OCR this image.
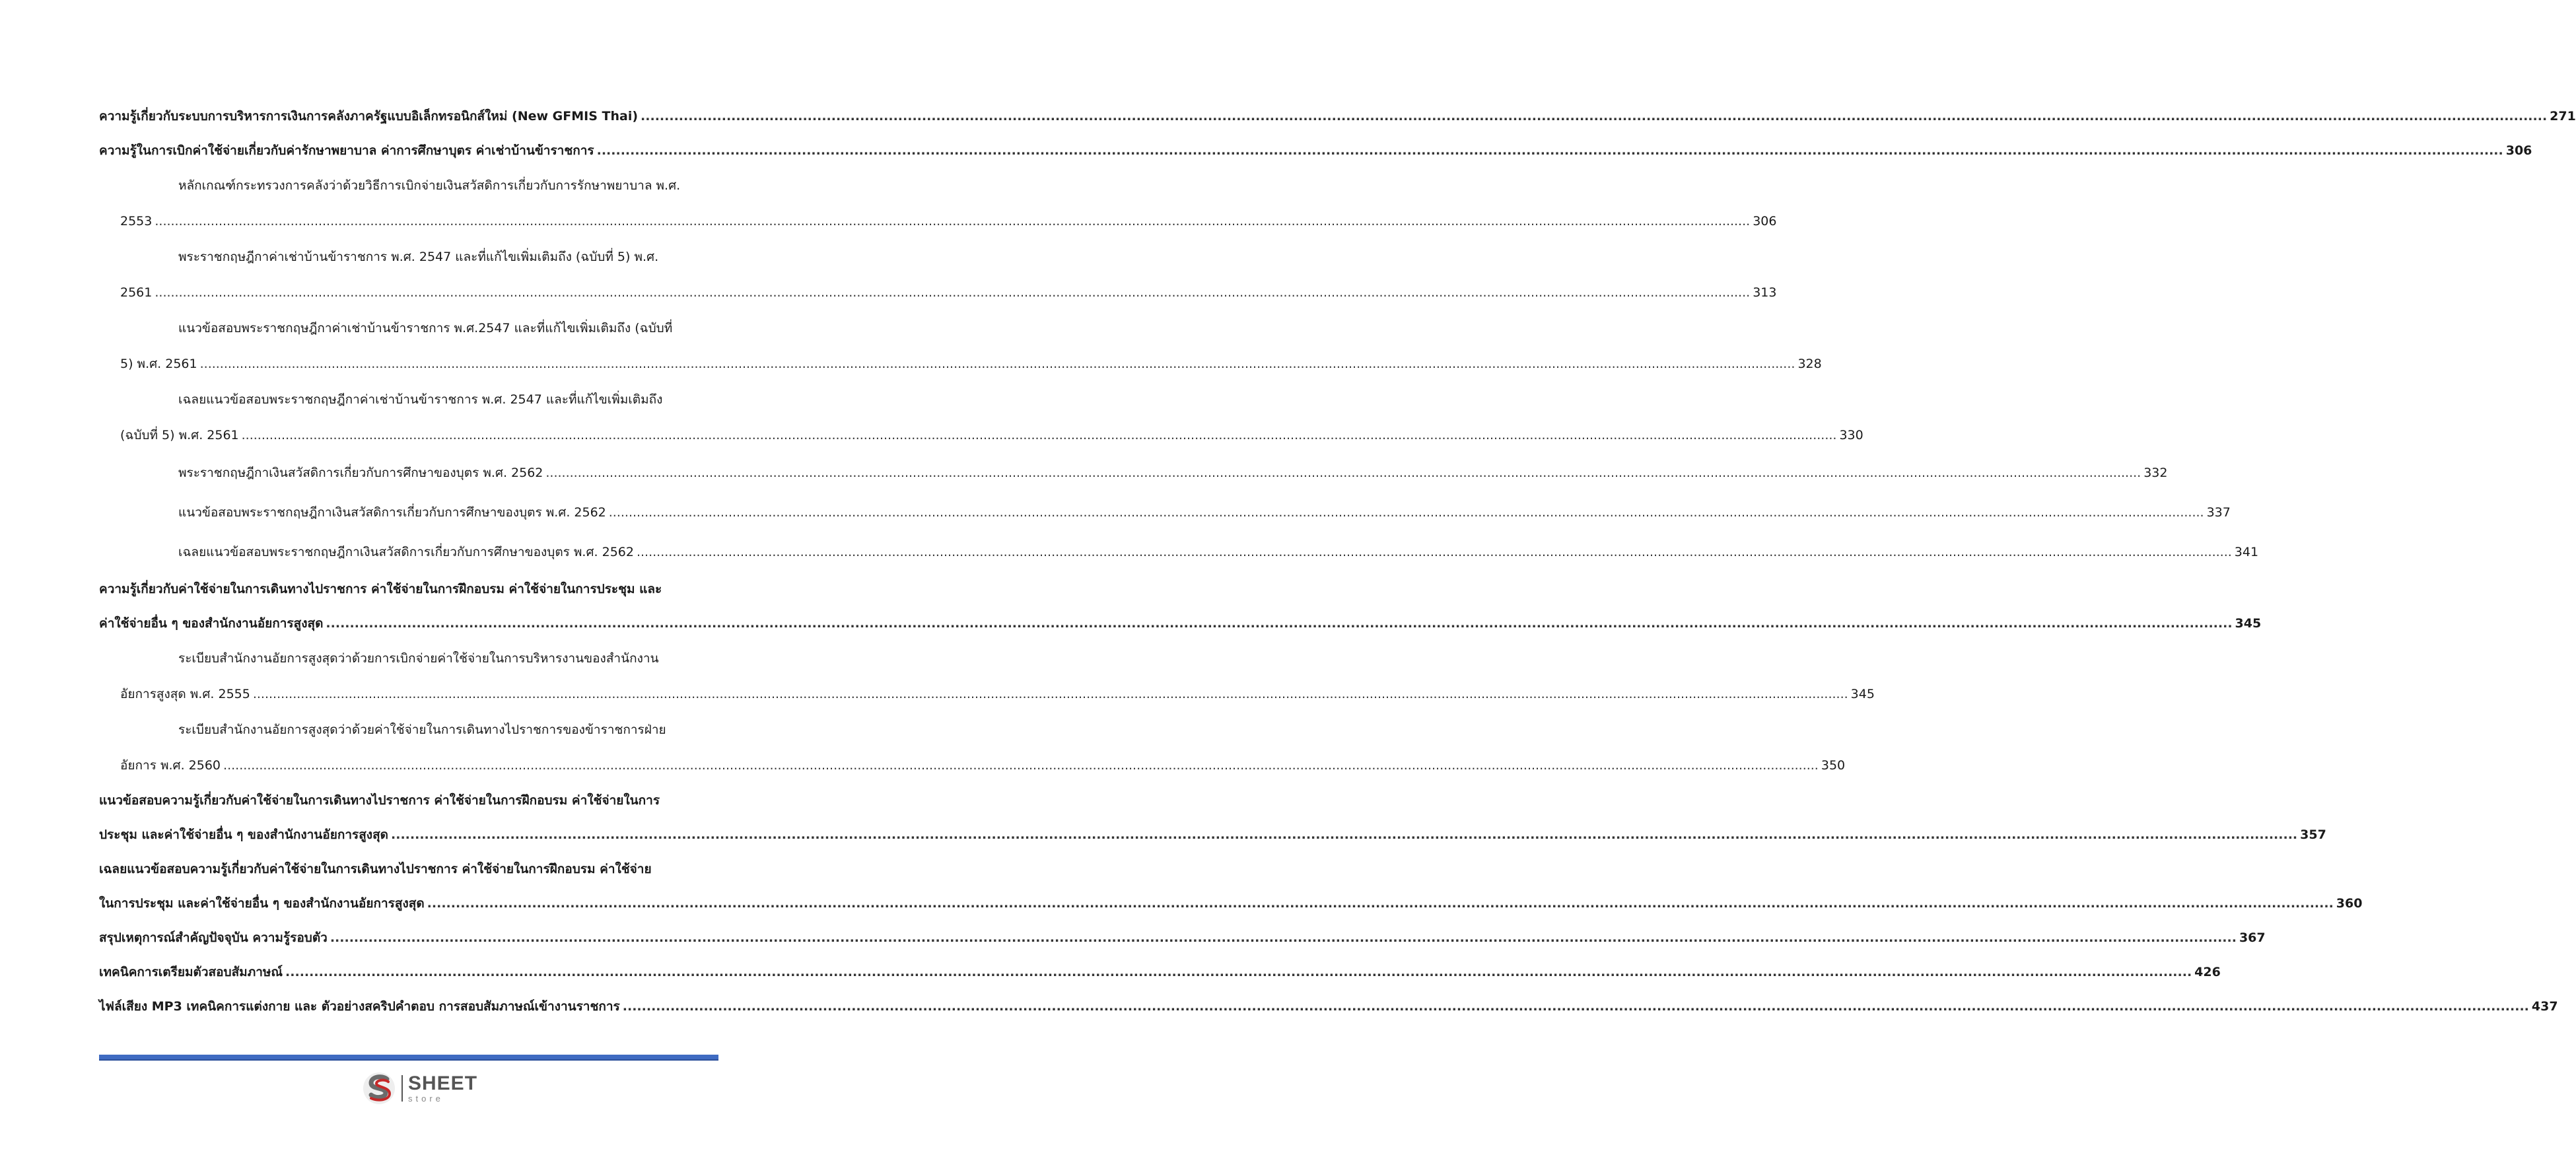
ความรู้เกี่ยวกับระบบการบริหารการเงินการคลังภาครัฐแบบอิเล็กทรอนิกส์ใหม่ (New GFMIS Thai) ................................................................................................................................................................................................................................................................................................................................................................................................................ 271
ความรู้ในการเบิกค่าใช้จ่ายเกี่ยวกับค่ารักษาพยาบาล ค่าการศึกษาบุตร ค่าเช่าบ้านข้าราชการ ................................................................................................................................................................................................................................................................................................................................................................................................................ 306
หลักเกณฑ์กระทรวงการคลังว่าด้วยวิธีการเบิกจ่ายเงินสวัสดิการเกี่ยวกับการรักษาพยาบาล พ.ศ.
2553 ................................................................................................................................................................................................................................................................................................................................................................................................................ 306
พระราชกฤษฎีกาค่าเช่าบ้านข้าราชการ พ.ศ. 2547 และที่แก้ไขเพิ่มเติมถึง (ฉบับที่ 5) พ.ศ.
2561 ................................................................................................................................................................................................................................................................................................................................................................................................................ 313
แนวข้อสอบพระราชกฤษฎีกาค่าเช่าบ้านข้าราชการ พ.ศ.2547 และที่แก้ไขเพิ่มเติมถึง (ฉบับที่
5) พ.ศ. 2561 ................................................................................................................................................................................................................................................................................................................................................................................................................ 328
เฉลยแนวข้อสอบพระราชกฤษฎีกาค่าเช่าบ้านข้าราชการ พ.ศ. 2547 และที่แก้ไขเพิ่มเติมถึง
(ฉบับที่ 5) พ.ศ. 2561 ................................................................................................................................................................................................................................................................................................................................................................................................................ 330
พระราชกฤษฎีกาเงินสวัสดิการเกี่ยวกับการศึกษาของบุตร พ.ศ. 2562 ................................................................................................................................................................................................................................................................................................................................................................................................................ 332
แนวข้อสอบพระราชกฤษฎีกาเงินสวัสดิการเกี่ยวกับการศึกษาของบุตร พ.ศ. 2562 ................................................................................................................................................................................................................................................................................................................................................................................................................ 337
เฉลยแนวข้อสอบพระราชกฤษฎีกาเงินสวัสดิการเกี่ยวกับการศึกษาของบุตร พ.ศ. 2562 ................................................................................................................................................................................................................................................................................................................................................................................................................ 341
ความรู้เกี่ยวกับค่าใช้จ่ายในการเดินทางไปราชการ ค่าใช้จ่ายในการฝึกอบรม ค่าใช้จ่ายในการประชุม และ
ค่าใช้จ่ายอื่น ๆ ของสำนักงานอัยการสูงสุด ................................................................................................................................................................................................................................................................................................................................................................................................................ 345
ระเบียบสำนักงานอัยการสูงสุดว่าด้วยการเบิกจ่ายค่าใช้จ่ายในการบริหารงานของสำนักงาน
อัยการสูงสุด พ.ศ. 2555 ................................................................................................................................................................................................................................................................................................................................................................................................................ 345
ระเบียบสำนักงานอัยการสูงสุดว่าด้วยค่าใช้จ่ายในการเดินทางไปราชการของข้าราชการฝ่าย
อัยการ พ.ศ. 2560 ................................................................................................................................................................................................................................................................................................................................................................................................................ 350
แนวข้อสอบความรู้เกี่ยวกับค่าใช้จ่ายในการเดินทางไปราชการ ค่าใช้จ่ายในการฝึกอบรม ค่าใช้จ่ายในการ
ประชุม และค่าใช้จ่ายอื่น ๆ ของสำนักงานอัยการสูงสุด ................................................................................................................................................................................................................................................................................................................................................................................................................ 357
เฉลยแนวข้อสอบความรู้เกี่ยวกับค่าใช้จ่ายในการเดินทางไปราชการ ค่าใช้จ่ายในการฝึกอบรม ค่าใช้จ่าย
ในการประชุม และค่าใช้จ่ายอื่น ๆ ของสำนักงานอัยการสูงสุด ................................................................................................................................................................................................................................................................................................................................................................................................................ 360
สรุปเหตุการณ์สำคัญปัจจุบัน ความรู้รอบตัว ................................................................................................................................................................................................................................................................................................................................................................................................................ 367
เทคนิคการเตรียมตัวสอบสัมภาษณ์ ................................................................................................................................................................................................................................................................................................................................................................................................................ 426
ไฟล์เสียง MP3 เทคนิคการแต่งกาย และ ตัวอย่างสคริปคำตอบ การสอบสัมภาษณ์เข้างานราชการ ................................................................................................................................................................................................................................................................................................................................................................................................................ 437
SHEET
store
